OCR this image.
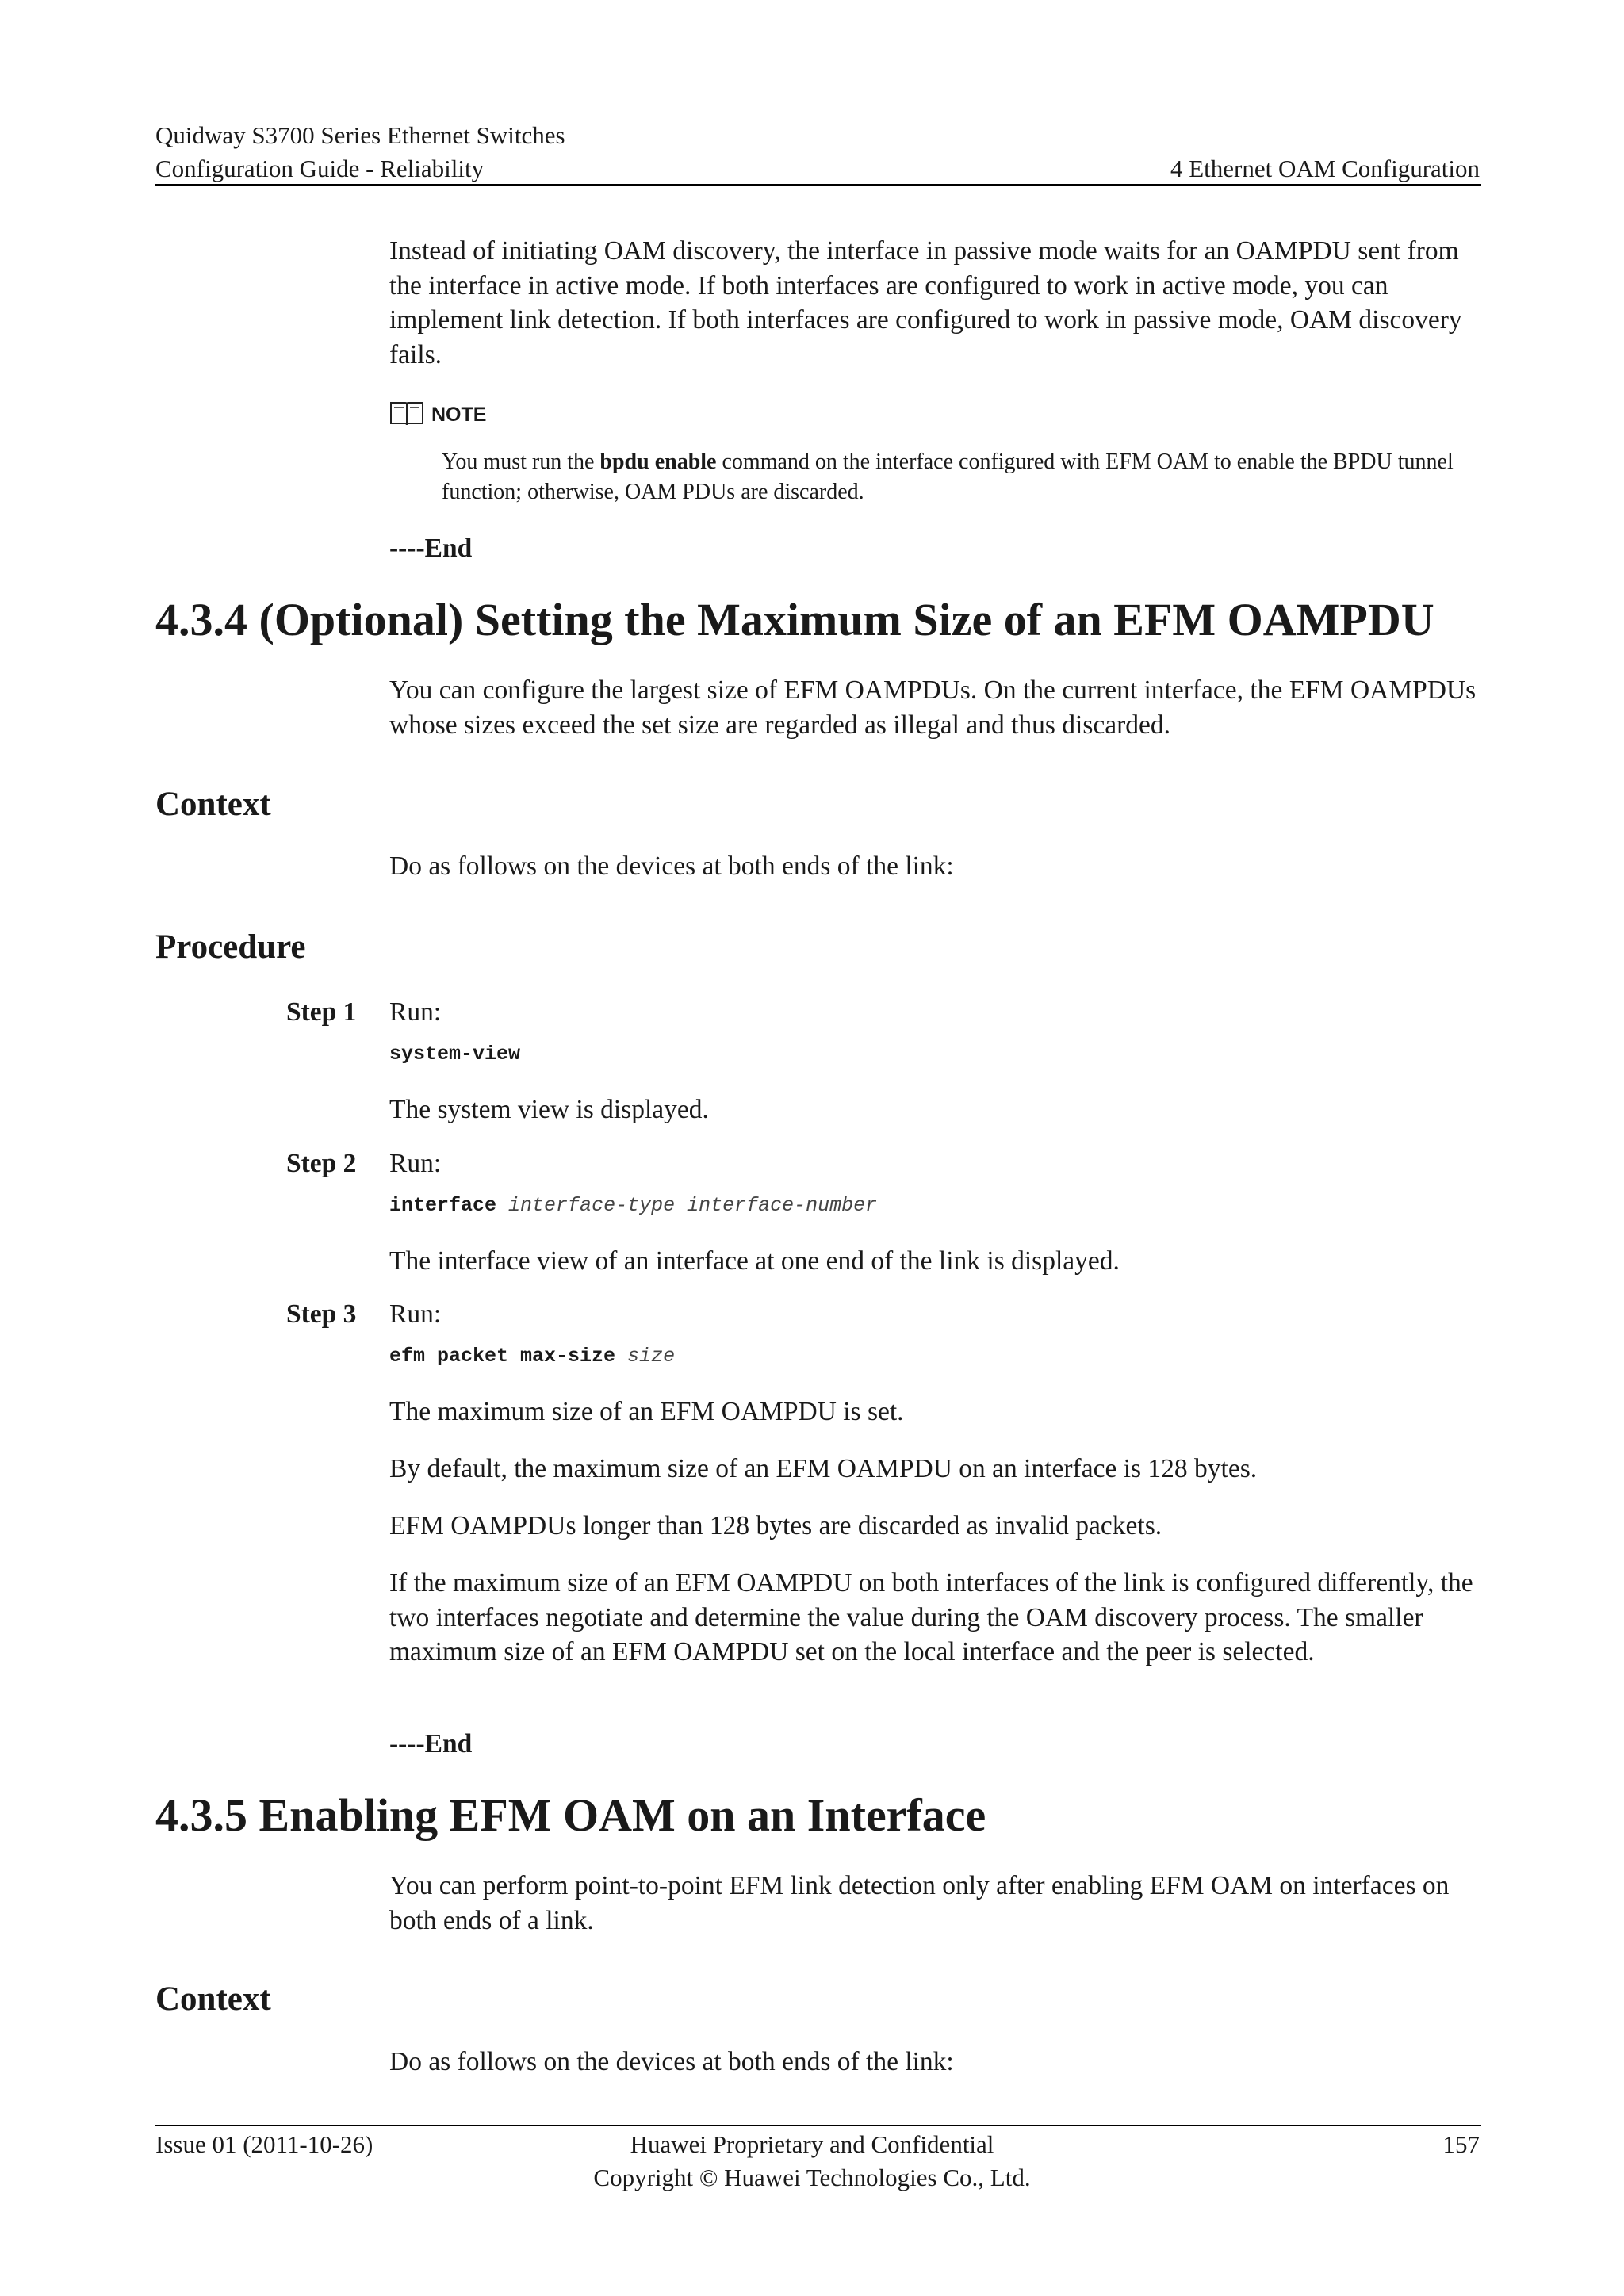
Quidway S3700 Series Ethernet Switches
Configuration Guide - Reliability	4 Ethernet OAM Configuration
Instead of initiating OAM discovery, the interface in passive mode waits for an OAMPDU sent from the interface in active mode. If both interfaces are configured to work in active mode, you can implement link detection. If both interfaces are configured to work in passive mode, OAM discovery fails.
NOTE
You must run the bpdu enable command on the interface configured with EFM OAM to enable the BPDU tunnel function; otherwise, OAM PDUs are discarded.
----End
4.3.4 (Optional) Setting the Maximum Size of an EFM OAMPDU
You can configure the largest size of EFM OAMPDUs. On the current interface, the EFM OAMPDUs whose sizes exceed the set size are regarded as illegal and thus discarded.
Context
Do as follows on the devices at both ends of the link:
Procedure
Step 1 Run:
system-view
The system view is displayed.
Step 2 Run:
interface interface-type interface-number
The interface view of an interface at one end of the link is displayed.
Step 3 Run:
efm packet max-size size
The maximum size of an EFM OAMPDU is set.
By default, the maximum size of an EFM OAMPDU on an interface is 128 bytes.
EFM OAMPDUs longer than 128 bytes are discarded as invalid packets.
If the maximum size of an EFM OAMPDU on both interfaces of the link is configured differently, the two interfaces negotiate and determine the value during the OAM discovery process. The smaller maximum size of an EFM OAMPDU set on the local interface and the peer is selected.
----End
4.3.5 Enabling EFM OAM on an Interface
You can perform point-to-point EFM link detection only after enabling EFM OAM on interfaces on both ends of a link.
Context
Do as follows on the devices at both ends of the link:
Issue 01 (2011-10-26)	Huawei Proprietary and Confidential
Copyright © Huawei Technologies Co., Ltd.
157
